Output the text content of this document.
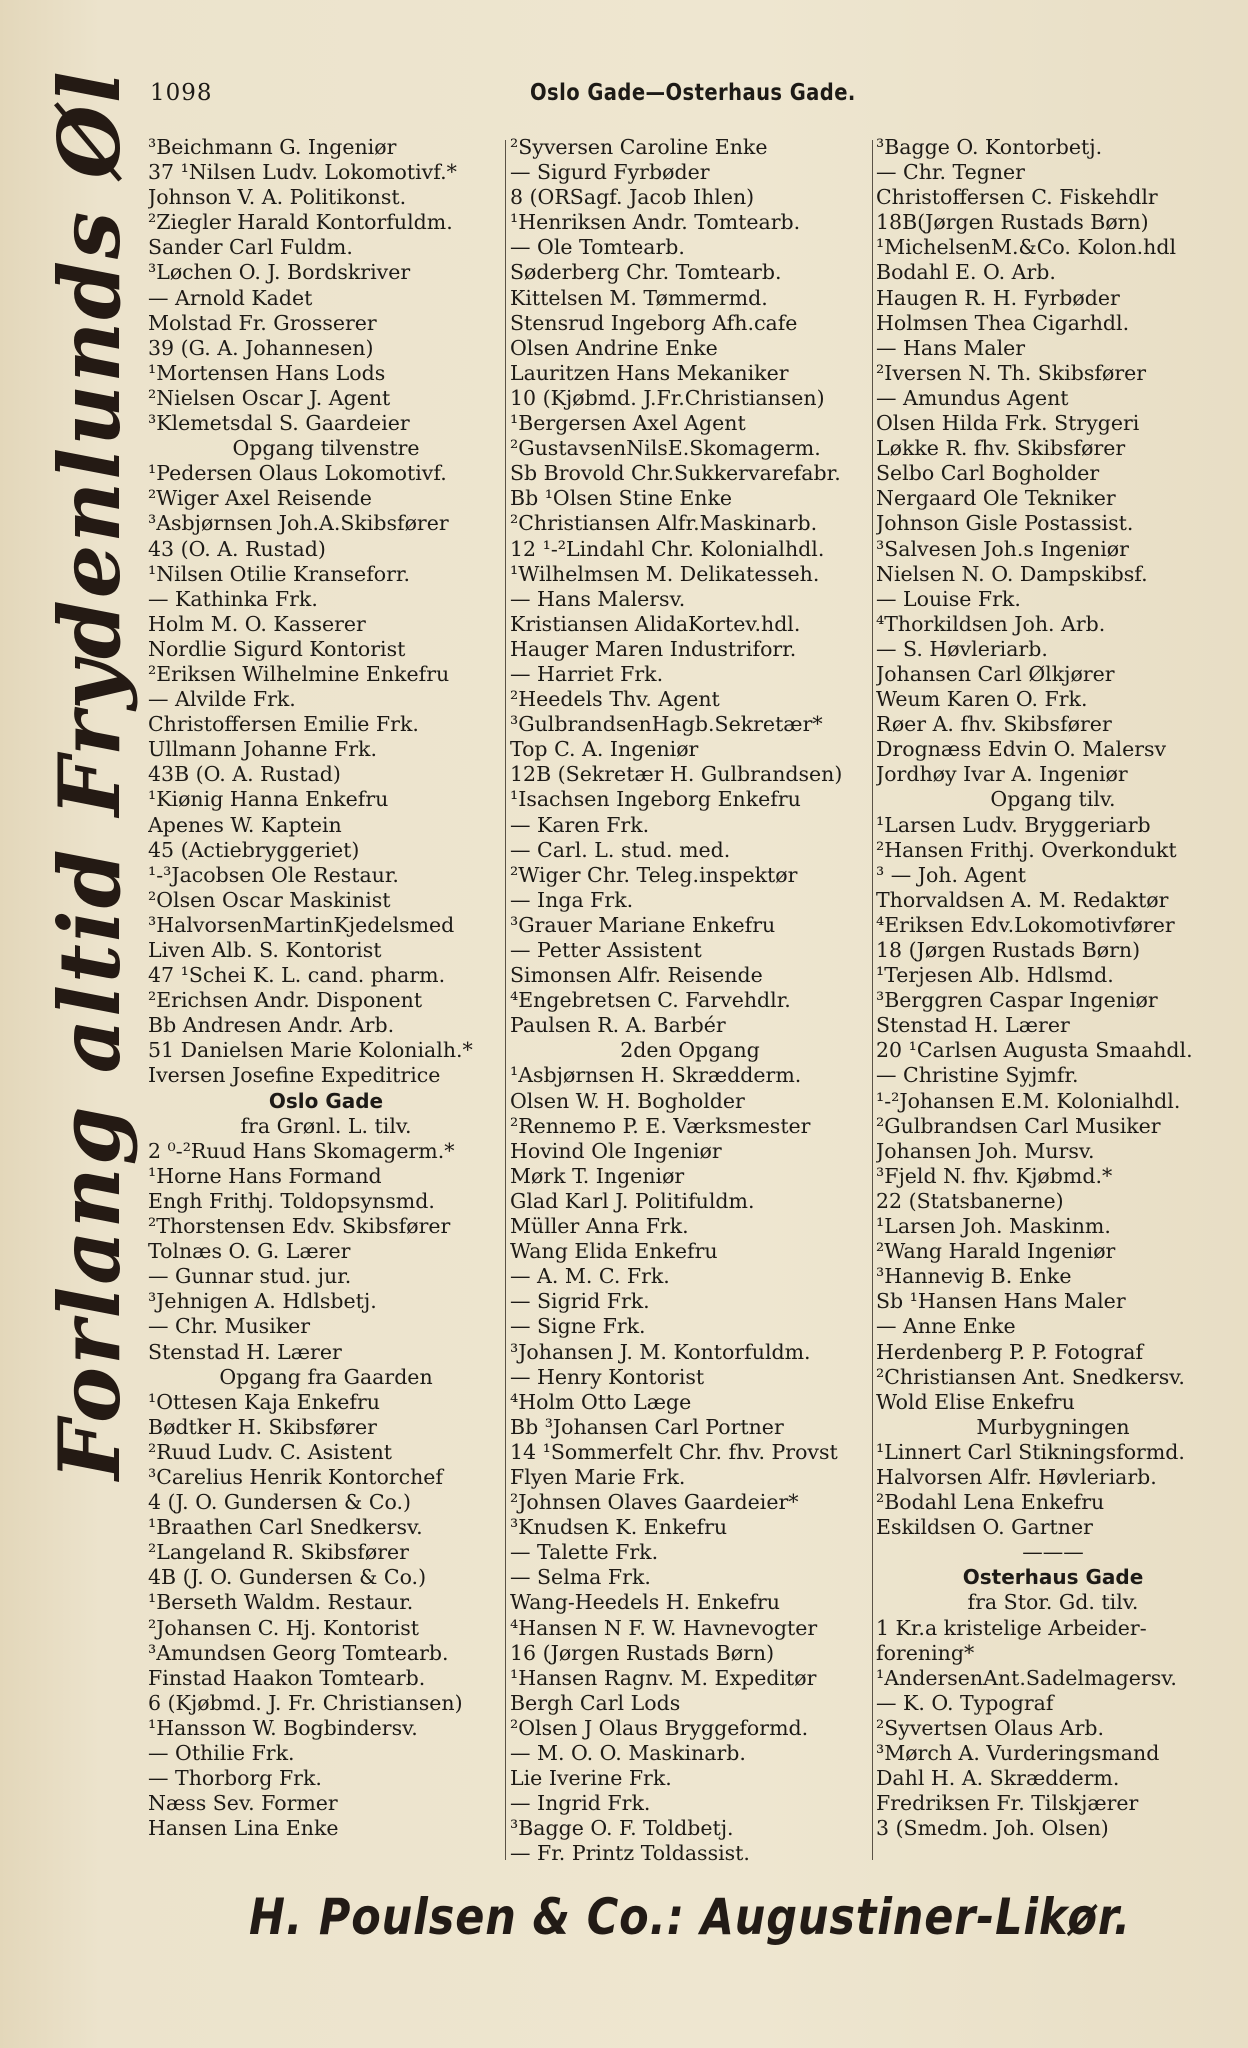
1098	Oslo Gade—Osterhaus Gade.
Forlang altid Frydenlunds Øl ³Beichmann G. Ingeniør
37 ¹Nilsen Ludv. Lokomotivf.*
Johnson V. A. Politikonst.
²Ziegler Harald Kontorfuldm.
Sander Carl Fuldm.
³Løchen O. J. Bordskriver
— Arnold Kadet
Molstad Fr. Grosserer
39 (G. A. Johannesen)
¹Mortensen Hans Lods
²Nielsen Oscar J. Agent
³Klemetsdal S. Gaardeier
Opgang tilvenstre
¹Pedersen Olaus Lokomotivf.
²Wiger Axel Reisende
³Asbjørnsen Joh.A.Skibsfører
43 (O. A. Rustad)
¹Nilsen Otilie Kranseforr.
— Kathinka Frk.
Holm M. O. Kasserer
Nordlie Sigurd Kontorist
²Eriksen Wilhelmine Enkefru
— Alvilde Frk.
Christoffersen Emilie Frk.
Ullmann Johanne Frk.
43B (O. A. Rustad)
¹Kiønig Hanna Enkefru
Apenes W. Kaptein
45 (Actiebryggeriet)
¹-³Jacobsen Ole Restaur.
²Olsen Oscar Maskinist
³HalvorsenMartinKjedelsmed
Liven Alb. S. Kontorist
47 ¹Schei K. L. cand. pharm.
²Erichsen Andr. Disponent
Bb Andresen Andr. Arb.
51 Danielsen Marie Kolonialh.*
Iversen Josefine Expeditrice
Oslo Gade
fra Grønl. L. tilv.
2 ⁰-²Ruud Hans Skomagerm.*
¹Horne Hans Formand
Engh Frithj. Toldopsynsmd.
²Thorstensen Edv. Skibsfører
Tolnæs O. G. Lærer
— Gunnar stud. jur.
³Jehnigen A. Hdlsbetj.
— Chr. Musiker
Stenstad H. Lærer
Opgang fra Gaarden
¹Ottesen Kaja Enkefru
Bødtker H. Skibsfører
²Ruud Ludv. C. Asistent
³Carelius Henrik Kontorchef
4 (J. O. Gundersen & Co.)
¹Braathen Carl Snedkersv.
²Langeland R. Skibsfører
4B (J. O. Gundersen & Co.)
¹Berseth Waldm. Restaur.
²Johansen C. Hj. Kontorist
³Amundsen Georg Tomtearb.
Finstad Haakon Tomtearb.
6 (Kjøbmd. J. Fr. Christiansen)
¹Hansson W. Bogbindersv.
— Othilie Frk.
— Thorborg Frk.
Næss Sev. Former
Hansen Lina Enke
²Syversen Caroline Enke
— Sigurd Fyrbøder
8 (ORSagf. Jacob Ihlen)
¹Henriksen Andr. Tomtearb.
— Ole Tomtearb.
Søderberg Chr. Tomtearb.
Kittelsen M. Tømmermd.
Stensrud Ingeborg Afh.cafe
Olsen Andrine Enke
Lauritzen Hans Mekaniker
10 (Kjøbmd. J.Fr.Christiansen)
¹Bergersen Axel Agent
²GustavsenNilsE.Skomagerm.
Sb Brovold Chr.Sukkervarefabr.
Bb ¹Olsen Stine Enke
²Christiansen Alfr.Maskinarb.
12 ¹-²Lindahl Chr. Kolonialhdl.
¹Wilhelmsen M. Delikatesseh.
— Hans Malersv.
Kristiansen AlidaKortev.hdl.
Hauger Maren Industriforr.
— Harriet Frk.
²Heedels Thv. Agent
³GulbrandsenHagb.Sekretær*
Top C. A. Ingeniør
12B (Sekretær H. Gulbrandsen)
¹Isachsen Ingeborg Enkefru
— Karen Frk.
— Carl. L. stud. med.
²Wiger Chr. Teleg.inspektør
— Inga Frk.
³Grauer Mariane Enkefru
— Petter Assistent
Simonsen Alfr. Reisende
⁴Engebretsen C. Farvehdlr.
Paulsen R. A. Barbér
2den Opgang
¹Asbjørnsen H. Skrædderm.
Olsen W. H. Bogholder
²Rennemo P. E. Værksmester
Hovind Ole Ingeniør
Mørk T. Ingeniør
Glad Karl J. Politifuldm.
Müller Anna Frk.
Wang Elida Enkefru
— A. M. C. Frk.
— Sigrid Frk.
— Signe Frk.
³Johansen J. M. Kontorfuldm.
— Henry Kontorist
⁴Holm Otto Læge
Bb ³Johansen Carl Portner
14 ¹Sommerfelt Chr. fhv. Provst
Flyen Marie Frk.
²Johnsen Olaves Gaardeier*
³Knudsen K. Enkefru
— Talette Frk.
— Selma Frk.
Wang-Heedels H. Enkefru
⁴Hansen N F. W. Havnevogter
16 (Jørgen Rustads Børn)
¹Hansen Ragnv. M. Expeditør
Bergh Carl Lods
²Olsen J Olaus Bryggeformd.
— M. O. O. Maskinarb.
Lie Iverine Frk.
— Ingrid Frk.
³Bagge O. F. Toldbetj.
— Fr. Printz Toldassist.
³Bagge O. Kontorbetj.
— Chr. Tegner
Christoffersen C. Fiskehdlr
18B(Jørgen Rustads Børn)
¹MichelsenM.&Co. Kolon.hdl
Bodahl E. O. Arb.
Haugen R. H. Fyrbøder
Holmsen Thea Cigarhdl.
— Hans Maler
²Iversen N. Th. Skibsfører
— Amundus Agent
Olsen Hilda Frk. Strygeri
Løkke R. fhv. Skibsfører
Selbo Carl Bogholder
Nergaard Ole Tekniker
Johnson Gisle Postassist.
³Salvesen Joh.s Ingeniør
Nielsen N. O. Dampskibsf.
— Louise Frk.
⁴Thorkildsen Joh. Arb.
— S. Høvleriarb.
Johansen Carl Ølkjører
Weum Karen O. Frk.
Røer A. fhv. Skibsfører
Drognæss Edvin O. Malersv
Jordhøy Ivar A. Ingeniør
Opgang tilv.
¹Larsen Ludv. Bryggeriarb
²Hansen Frithj. Overkondukt
³ — Joh. Agent
Thorvaldsen A. M. Redaktør
⁴Eriksen Edv.Lokomotivfører
18 (Jørgen Rustads Børn)
¹Terjesen Alb. Hdlsmd.
³Berggren Caspar Ingeniør
Stenstad H. Lærer
20 ¹Carlsen Augusta Smaahdl.
— Christine Syjmfr.
¹-²Johansen E.M. Kolonialhdl.
²Gulbrandsen Carl Musiker
Johansen Joh. Mursv.
³Fjeld N. fhv. Kjøbmd.*
22 (Statsbanerne)
¹Larsen Joh. Maskinm.
²Wang Harald Ingeniør
³Hannevig B. Enke
Sb ¹Hansen Hans Maler
— Anne Enke
Herdenberg P. P. Fotograf
²Christiansen Ant. Snedkersv.
Wold Elise Enkefru
Murbygningen
¹Linnert Carl Stikningsformd.
Halvorsen Alfr. Høvleriarb.
²Bodahl Lena Enkefru
Eskildsen O. Gartner
———
Osterhaus Gade
fra Stor. Gd. tilv.
1 Kr.a kristelige Arbeider-
forening*
¹AndersenAnt.Sadelmagersv.
— K. O. Typograf
²Syvertsen Olaus Arb.
³Mørch A. Vurderingsmand
Dahl H. A. Skrædderm.
Fredriksen Fr. Tilskjærer
3 (Smedm. Joh. Olsen)
H. Poulsen & Co.: Augustiner-Likør.
